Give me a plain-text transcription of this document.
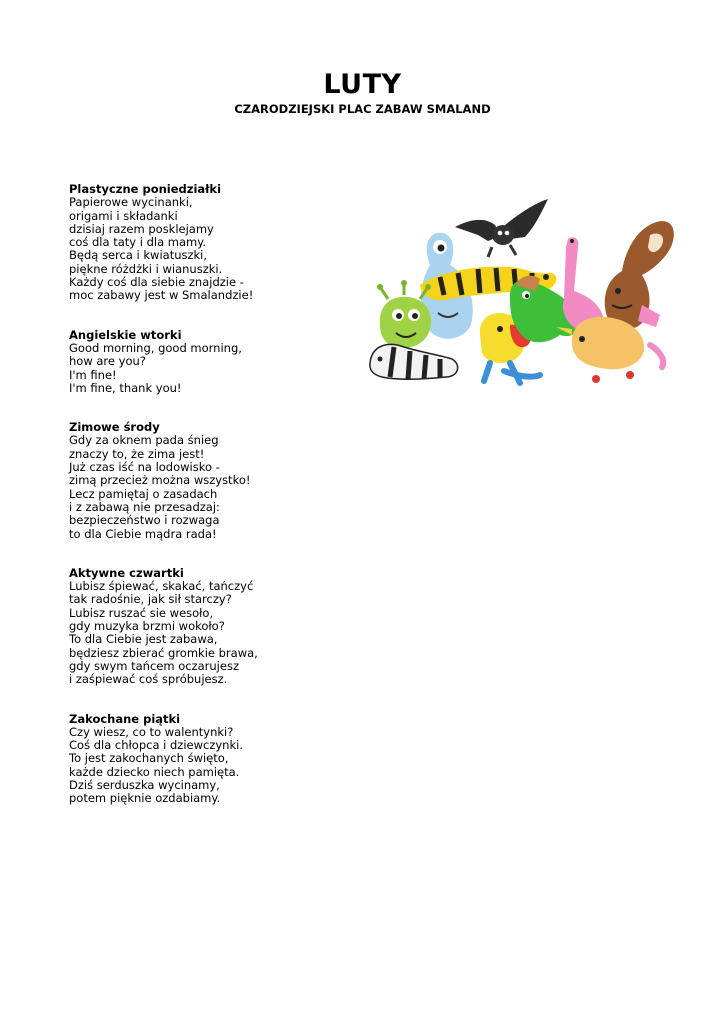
LUTY
CZARODZIEJSKI PLAC ZABAW SMALAND
Plastyczne poniedziałki
Papierowe wycinanki,
origami i składanki
dzisiaj razem posklejamy
coś dla taty i dla mamy.
Będą serca i kwiatuszki,
piękne różdżki i wianuszki.
Każdy coś dla siebie znajdzie -
moc zabawy jest w Smalandzie!
Angielskie wtorki
Good morning, good morning,
how are you?
I'm fine!
I'm fine, thank you!
Zimowe środy
Gdy za oknem pada śnieg
znaczy to, że zima jest!
Już czas iść na lodowisko -
zimą przecież można wszystko!
Lecz pamiętaj o zasadach
i z zabawą nie przesadzaj:
bezpieczeństwo i rozwaga
to dla Ciebie mądra rada!
Aktywne czwartki
Lubisz śpiewać, skakać, tańczyć
tak radośnie, jak sił starczy?
Lubisz ruszać sie wesoło,
gdy muzyka brzmi wokoło?
To dla Ciebie jest zabawa,
będziesz zbierać gromkie brawa,
gdy swym tańcem oczarujesz
i zaśpiewać coś spróbujesz.
Zakochane piątki
Czy wiesz, co to walentynki?
Coś dla chłopca i dziewczynki.
To jest zakochanych święto,
każde dziecko niech pamięta.
Dziś serduszka wycinamy,
potem pięknie ozdabiamy.
